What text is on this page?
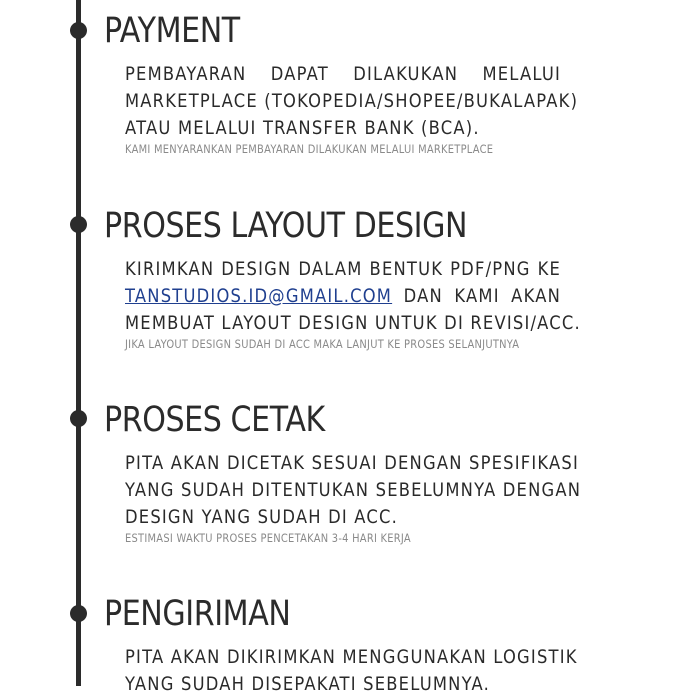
PAYMENT
PEMBAYARAN DAPAT DILAKUKAN MELALUI
MARKETPLACE (TOKOPEDIA/SHOPEE/BUKALAPAK)
ATAU MELALUI TRANSFER BANK (BCA).
KAMI MENYARANKAN PEMBAYARAN DILAKUKAN MELALUI MARKETPLACE
PROSES LAYOUT DESIGN
KIRIMKAN DESIGN DALAM BENTUK PDF/PNG KE
TANSTUDIOS.ID@GMAIL.COM DAN KAMI AKAN
MEMBUAT LAYOUT DESIGN UNTUK DI REVISI/ACC.
JIKA LAYOUT DESIGN SUDAH DI ACC MAKA LANJUT KE PROSES SELANJUTNYA
PROSES CETAK
PITA AKAN DICETAK SESUAI DENGAN SPESIFIKASI
YANG SUDAH DITENTUKAN SEBELUMNYA DENGAN
DESIGN YANG SUDAH DI ACC.
ESTIMASI WAKTU PROSES PENCETAKAN 3-4 HARI KERJA
PENGIRIMAN
PITA AKAN DIKIRIMKAN MENGGUNAKAN LOGISTIK
YANG SUDAH DISEPAKATI SEBELUMNYA.
